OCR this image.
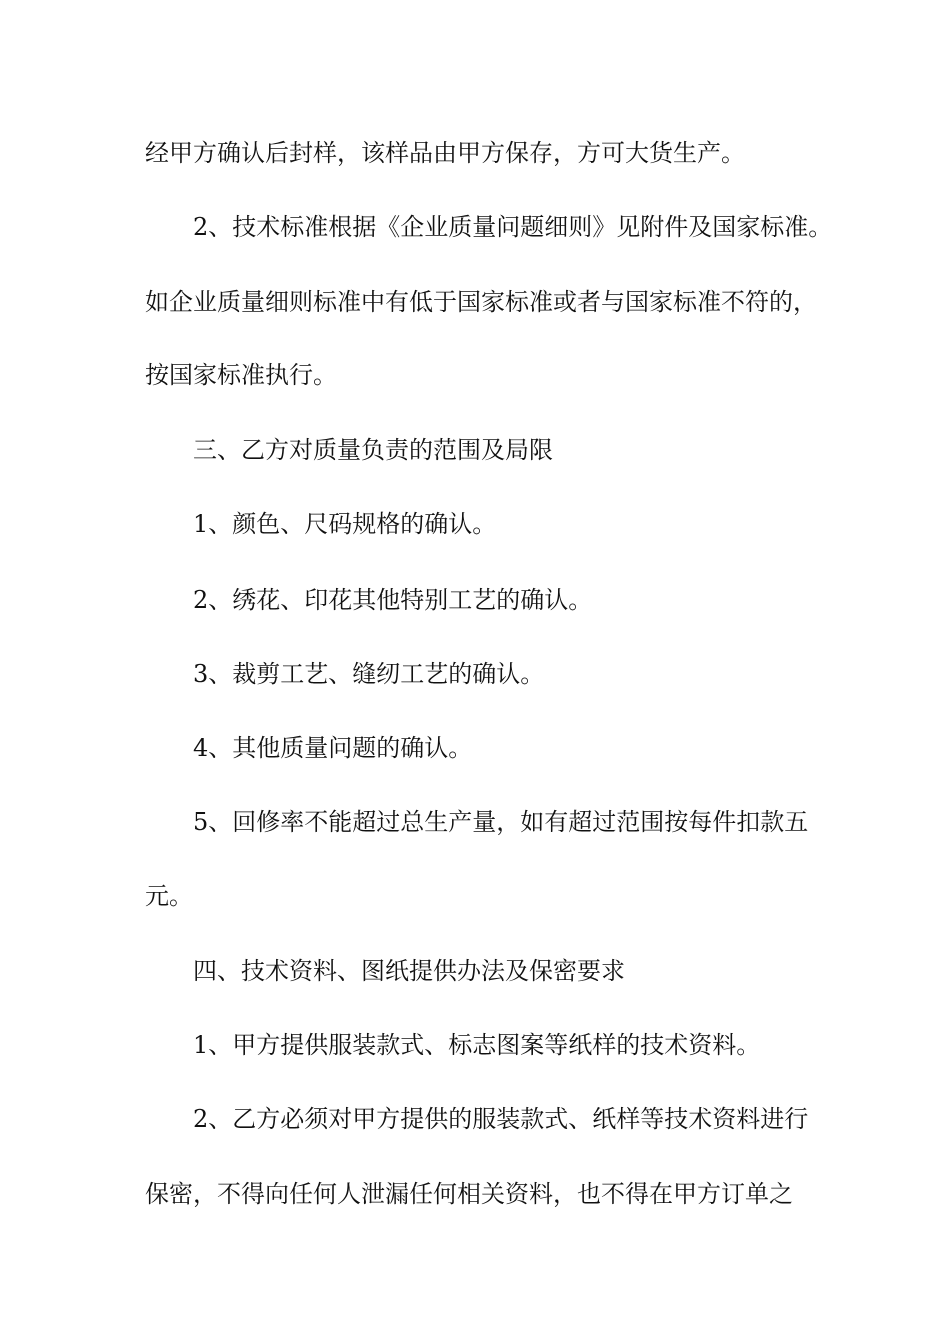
经甲方确认后封样，该样品由甲方保存，方可大货生产。

2、技术标准根据《企业质量问题细则》见附件及国家标准。

如企业质量细则标准中有低于国家标准或者与国家标准不符的，

按国家标准执行。

三、乙方对质量负责的范围及局限

1、颜色、尺码规格的确认。

2、绣花、印花其他特别工艺的确认。

3、裁剪工艺、缝纫工艺的确认。

4、其他质量问题的确认。

5、回修率不能超过总生产量，如有超过范围按每件扣款五

元。

四、技术资料、图纸提供办法及保密要求

1、甲方提供服装款式、标志图案等纸样的技术资料。

2、乙方必须对甲方提供的服装款式、纸样等技术资料进行

保密，不得向任何人泄漏任何相关资料，也不得在甲方订单之
